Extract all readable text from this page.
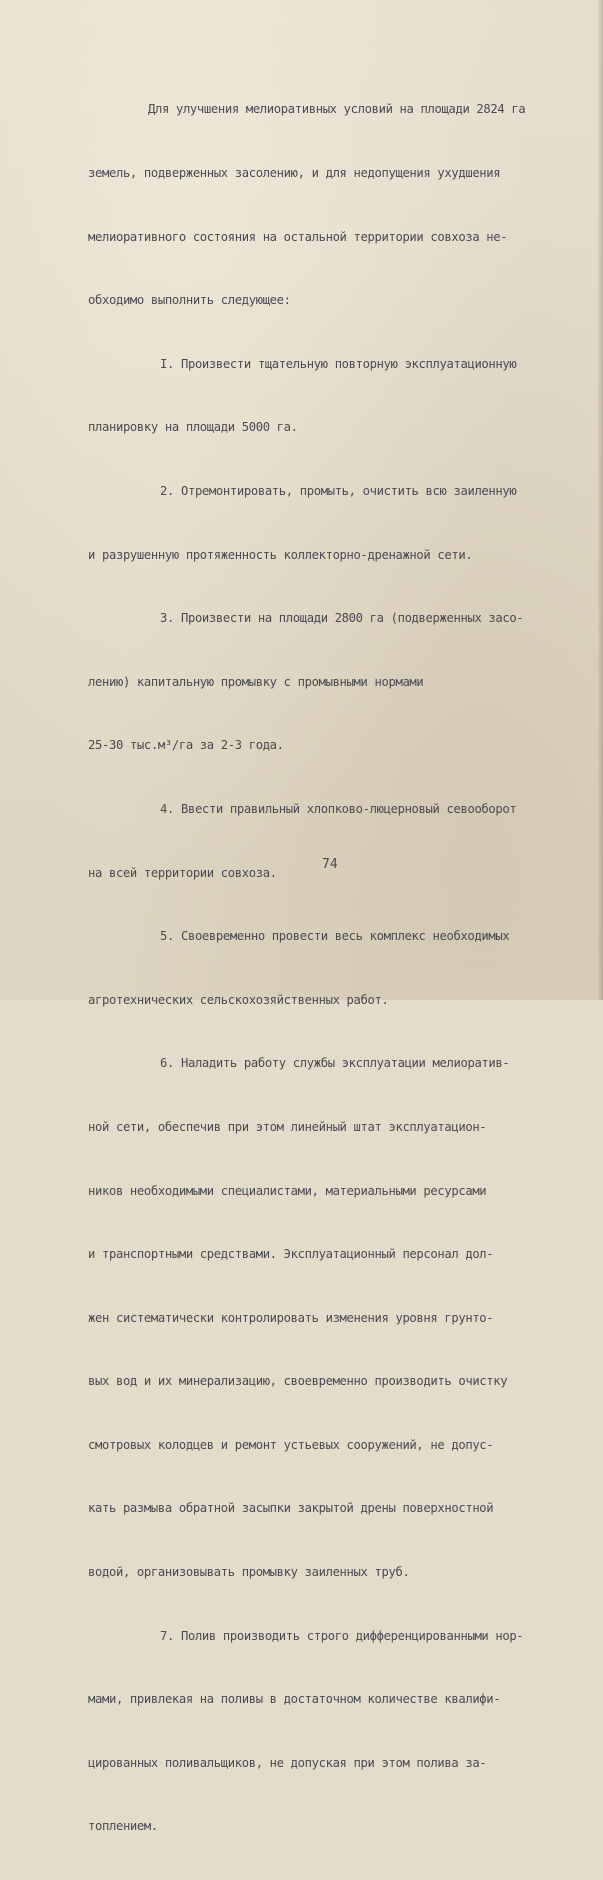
Для улучшения мелиоративных условий на площади 2824 га

земель, подверженных засолению, и для недопущения ухудшения

мелиоративного состояния на остальной территории совхоза не-

обходимо выполнить следующее:

I. Произвести тщательную повторную эксплуатационную

планировку на площади 5000 га.

2. Отремонтировать, промыть, очистить всю заиленную

и разрушенную протяженность коллекторно-дренажной сети.

3. Произвести на площади 2800 га (подверженных засо-

лению) капитальную промывку с промывными нормами

25-30 тыс.м³/га за 2-3 года.

4. Ввести правильный хлопково-люцерновый севооборот

на всей территории совхоза.

5. Своевременно провести весь комплекс необходимых

агротехнических сельскохозяйственных работ.

6. Наладить работу службы эксплуатации мелиоратив-

ной сети, обеспечив при этом линейный штат эксплуатацион-

ников необходимыми специалистами, материальными ресурсами

и транспортными средствами. Эксплуатационный персонал дол-

жен систематически контролировать изменения уровня грунто-

вых вод и их минерализацию, своевременно производить очистку

смотровых колодцев и ремонт устьевых сооружений, не допус-

кать размыва обратной засыпки закрытой дрены поверхностной

водой, организовывать промывку заиленных труб.

7. Полив производить строго дифференцированными нор-

мами, привлекая на поливы в достаточном количестве квалифи-

цированных поливальщиков, не допуская при этом полива за-

топлением.

74
